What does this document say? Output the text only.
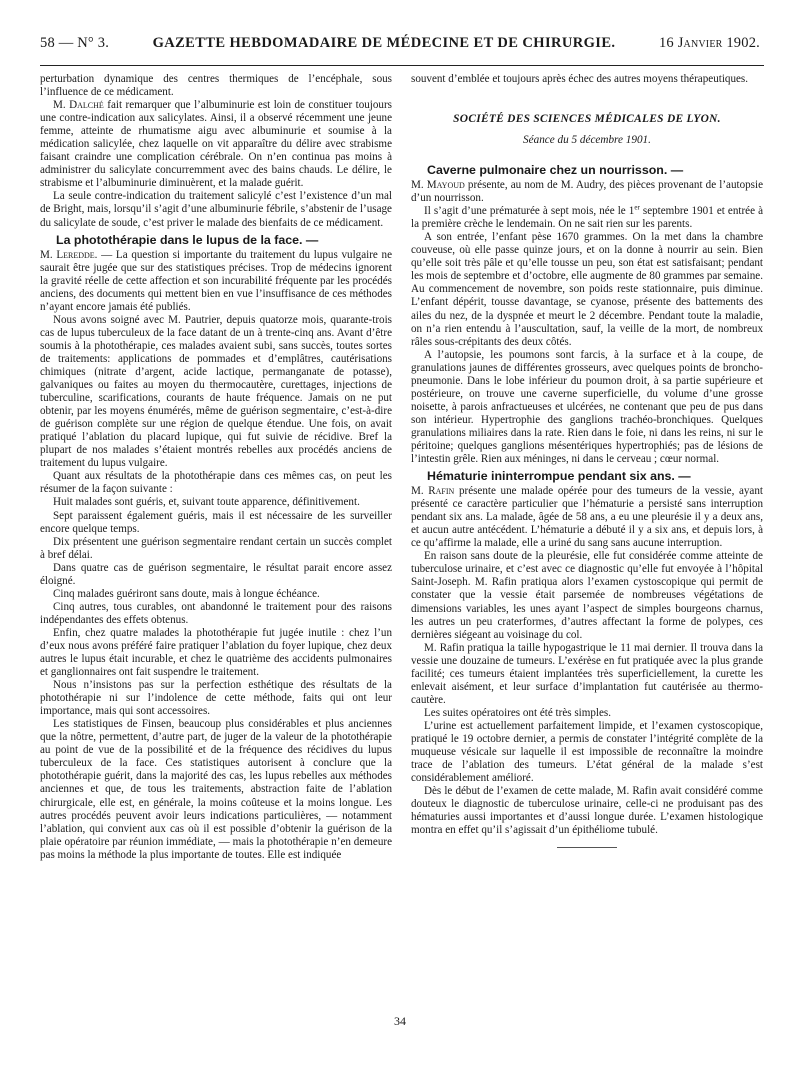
58 — N° 3.	GAZETTE HEBDOMADAIRE DE MÉDECINE ET DE CHIRURGIE.	16 Janvier 1902.

perturbation dynamique des centres thermiques de l’encéphale, sous l’influence de ce médicament.

M. Dalché fait remarquer que l’albuminurie est loin de constituer toujours une contre-indication aux salicylates. Ainsi, il a observé récemment une jeune femme, atteinte de rhumatisme aigu avec albuminurie et soumise à la médication salicylée, chez laquelle on vit apparaître du délire avec strabisme faisant craindre une complication cérébrale. On n’en continua pas moins à administrer du salicylate concurremment avec des bains chauds. Le délire, le strabisme et l’albuminurie diminuèrent, et la malade guérit.

La seule contre-indication du traitement salicylé c’est l’existence d’un mal de Bright, mais, lorsqu’il s’agit d’une albuminurie fébrile, s’abstenir de l’usage du salicylate de soude, c’est priver le malade des bienfaits de ce médicament.

La photothérapie dans le lupus de la face. —

M. Leredde. — La question si importante du traitement du lupus vulgaire ne saurait être jugée que sur des statistiques précises. Trop de médecins ignorent la gravité réelle de cette affection et son incurabilité fréquente par les procédés anciens, des documents qui mettent bien en vue l’insuffisance de ces méthodes n’ayant encore jamais été publiés.

Nous avons soigné avec M. Pautrier, depuis quatorze mois, quarante-trois cas de lupus tuberculeux de la face datant de un à trente-cinq ans. Avant d’être soumis à la photothérapie, ces malades avaient subi, sans succès, toutes sortes de traitements: applications de pommades et d’emplâtres, cautérisations chimiques (nitrate d’argent, acide lactique, permanganate de potasse), galvaniques ou faites au moyen du thermocautère, curettages, injections de tuberculine, scarifications, courants de haute fréquence. Jamais on ne put obtenir, par les moyens énumérés, même de guérison segmentaire, c’est-à-dire de guérison complète sur une région de quelque étendue. Une fois, on avait pratiqué l’ablation du placard lupique, qui fut suivie de récidive. Bref la plupart de nos malades s’étaient montrés rebelles aux procédés anciens de traitement du lupus vulgaire.

Quant aux résultats de la photothérapie dans ces mêmes cas, on peut les résumer de la façon suivante :

Huit malades sont guéris, et, suivant toute apparence, définitivement.

Sept paraissent également guéris, mais il est nécessaire de les surveiller encore quelque temps.

Dix présentent une guérison segmentaire rendant certain un succès complet à bref délai.

Dans quatre cas de guérison segmentaire, le résultat parait encore assez éloigné.

Cinq malades guériront sans doute, mais à longue échéance.

Cinq autres, tous curables, ont abandonné le traitement pour des raisons indépendantes des effets obtenus.

Enfin, chez quatre malades la photothérapie fut jugée inutile : chez l’un d’eux nous avons préféré faire pratiquer l’ablation du foyer lupique, chez deux autres le lupus était incurable, et chez le quatrième des accidents pulmonaires et ganglionnaires ont fait suspendre le traitement.

Nous n’insistons pas sur la perfection esthétique des résultats de la photothérapie ni sur l’indolence de cette méthode, faits qui ont leur importance, mais qui sont accessoires.

Les statistiques de Finsen, beaucoup plus considérables et plus anciennes que la nôtre, permettent, d’autre part, de juger de la valeur de la photothérapie au point de vue de la possibilité et de la fréquence des récidives du lupus tuberculeux de la face. Ces statistiques autorisent à conclure que la photothérapie guérit, dans la majorité des cas, les lupus rebelles aux méthodes anciennes et que, de tous les traitements, abstraction faite de l’ablation chirurgicale, elle est, en générale, la moins coûteuse et la moins longue. Les autres procédés peuvent avoir leurs indications particulières, — notamment l’ablation, qui convient aux cas où il est possible d’obtenir la guérison de la plaie opératoire par réunion immédiate, — mais la photothérapie n’en demeure pas moins la méthode la plus importante de toutes. Elle est indiquée

souvent d’emblée et toujours après échec des autres moyens thérapeutiques.

SOCIÉTÉ DES SCIENCES MÉDICALES DE LYON.
Séance du 5 décembre 1901.
Caverne pulmonaire chez un nourrisson. —

M. Mayoud présente, au nom de M. Audry, des pièces provenant de l’autopsie d’un nourrisson.

Il s’agit d’une prématurée à sept mois, née le 1er septembre 1901 et entrée à la première crèche le lendemain. On ne sait rien sur les parents.

A son entrée, l’enfant pèse 1670 grammes. On la met dans la chambre couveuse, où elle passe quinze jours, et on la donne à nourrir au sein. Bien qu’elle soit très pâle et qu’elle tousse un peu, son état est satisfaisant; pendant les mois de septembre et d’octobre, elle augmente de 80 grammes par semaine. Au commencement de novembre, son poids reste stationnaire, puis diminue. L’enfant dépérit, tousse davantage, se cyanose, présente des battements des ailes du nez, de la dyspnée et meurt le 2 décembre. Pendant toute la maladie, on n’a rien entendu à l’auscultation, sauf, la veille de la mort, de nombreux râles sous-crépitants des deux côtés.

A l’autopsie, les poumons sont farcis, à la surface et à la coupe, de granulations jaunes de différentes grosseurs, avec quelques points de broncho-pneumonie. Dans le lobe inférieur du poumon droit, à sa partie supérieure et postérieure, on trouve une caverne superficielle, du volume d’une grosse noisette, à parois anfractueuses et ulcérées, ne contenant que peu de pus dans son intérieur. Hypertrophie des ganglions trachéo-bronchiques. Quelques granulations miliaires dans la rate. Rien dans le foie, ni dans les reins, ni sur le péritoine; quelques ganglions mésentériques hypertrophiés; pas de lésions de l’intestin grêle. Rien aux méninges, ni dans le cerveau ; cœur normal.

Hématurie ininterrompue pendant six ans. —

M. Rafin présente une malade opérée pour des tumeurs de la vessie, ayant présenté ce caractère particulier que l’hématurie a persisté sans interruption pendant six ans. La malade, âgée de 58 ans, a eu une pleurésie il y a deux ans, et aucun autre antécédent. L’hématurie a débuté il y a six ans, et depuis lors, à ce qu’affirme la malade, elle a uriné du sang sans aucune interruption.

En raison sans doute de la pleurésie, elle fut considérée comme atteinte de tuberculose urinaire, et c’est avec ce diagnostic qu’elle fut envoyée à l’hôpital Saint-Joseph. M. Rafin pratiqua alors l’examen cystoscopique qui permit de constater que la vessie était parsemée de nombreuses végétations de dimensions variables, les unes ayant l’aspect de simples bourgeons charnus, les autres un peu craterformes, d’autres affectant la forme de polypes, ces dernières siégeant au voisinage du col.

M. Rafin pratiqua la taille hypogastrique le 11 mai dernier. Il trouva dans la vessie une douzaine de tumeurs. L’exérèse en fut pratiquée avec la plus grande facilité; ces tumeurs étaient implantées très superficiellement, la curette les enlevait aisément, et leur surface d’implantation fut cautérisée au thermo-cautère.

Les suites opératoires ont été très simples.

L’urine est actuellement parfaitement limpide, et l’examen cystoscopique, pratiqué le 19 octobre dernier, a permis de constater l’intégrité complète de la muqueuse vésicale sur laquelle il est impossible de reconnaître la moindre trace de l’ablation des tumeurs. L’état général de la malade s’est considérablement amélioré.

Dès le début de l’examen de cette malade, M. Rafin avait considéré comme douteux le diagnostic de tuberculose urinaire, celle-ci ne produisant pas des hématuries aussi importantes et d’aussi longue durée. L’examen histologique montra en effet qu’il s’agissait d’un épithéliome tubulé.

34
